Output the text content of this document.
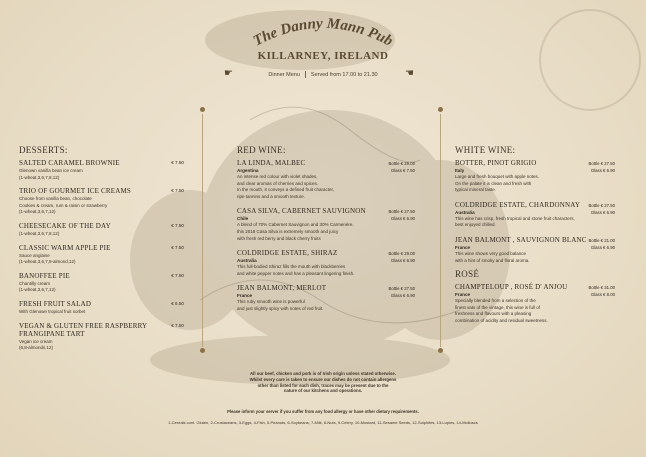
The Danny Mann Pub
KILLARNEY, IRELAND
☛	☚
Dinner Menu Served from 17.00 to 21.30
DESSERTS:
SALTED CARAMEL BROWNIE	€ 7.50
Glenown vanilla bean ice cream
(1-wheat,3,6,7,8,12)
TRIO OF GOURMET ICE CREAMS	€ 7.50
Choose from vanilla bean, chocolate
Cookies & cream, rum & raisin or strawberry
(1-wheat,3,6,7,12)
CHEESECAKE OF THE DAY	€ 7.50
(1-wheat,3,6,7,8,12)
CLASSIC WARM APPLE PIE	€ 7.50
Sauce anglaise
(1-wheat,3,6,7,8-almond,12)
BANOFFEE PIE	€ 7.50
Chantilly cream
(1-wheat,3,6,7,12)
FRESH FRUIT SALAD	€ 6.50
With Glenown tropical fruit sorbet
VEGAN & GLUTEN FREE RASPBERRY FRANGIPANE TART
€ 7.50
Vegan ice cream
(6,8-almonds,12)
RED WINE:
LA LINDA, MALBEC	Bottle € 29.00
Glass € 7.50
Argentina
An intense red colour with violet shades,
and clear aromas of cherries and spices.
In the mouth, it conveys a defined fruit character,
ripe tannins and a smooth texture.
CASA SILVA, CABERNET SAUVIGNON	Bottle € 27.50
Glass € 6.90
Chile
A blend of 70% Cabernet Sauvignon and 30% Carmenère,
this 2018 Casa Silva is extremely smooth and juicy
with fresh red berry and black cherry fruits
COLDRIDGE ESTATE, SHIRAZ	Bottle € 29.00
Glass € 6.90
Australia
This full-bodied Shiraz fills the mouth with blackberries
and white pepper notes and has a pleasant lingering finish.
JEAN BALMONT, MERLOT	Bottle € 27.50
Glass € 6.90
France
This ruby smooth wine is powerful
and just slightly spicy with notes of red fruit.
WHITE WINE:
BOTTER, PINOT GRIGIO	Bottle € 27.50
Glass € 6.90
Italy
Large and fresh bouquet with apple notes.
On the palate it is clean and fresh with
typical mineral taste.
COLDRIDGE ESTATE, CHARDONNAY	Bottle € 27.50
Glass € 6.90
Australia
This wine has crisp, fresh tropical and stone fruit characters,
best enjoyed chilled.
JEAN BALMONT , SAUVIGNON BLANC Bottle € 21.00
Glass € 6.90
France
This wine shows very good balance
with a hint of smoky and floral aroma.
ROSÉ
CHAMPTELOUP , ROSÉ D' ANJOU	Bottle € 31.00
Glass € 8.00
France
Specially blended from a selection of the
finest vats of the vintage, this wine is full of
freshness and flavours with a pleasing
combination of acidity and residual sweetness.
All our beef, chicken and pork is of Irish origin unless stated otherwise.
Whilst every care is taken to ensure our dishes do not contain allergens
other than listed for each dish, traces may be present due to the
nature of our kitchens and operations.
Please inform your server if you suffer from any food allergy or have other dietary requirements.
1-Cereals cont. Gluten, 2-Crustaceans, 3-Eggs, 4-Fish, 5-Peanuts, 6-Soybeans, 7-Milk, 8-Nuts, 9-Celery, 10-Mustard, 11-Sesame Seeds, 12-Sulphites, 13-Lupins, 14-Molluscs
